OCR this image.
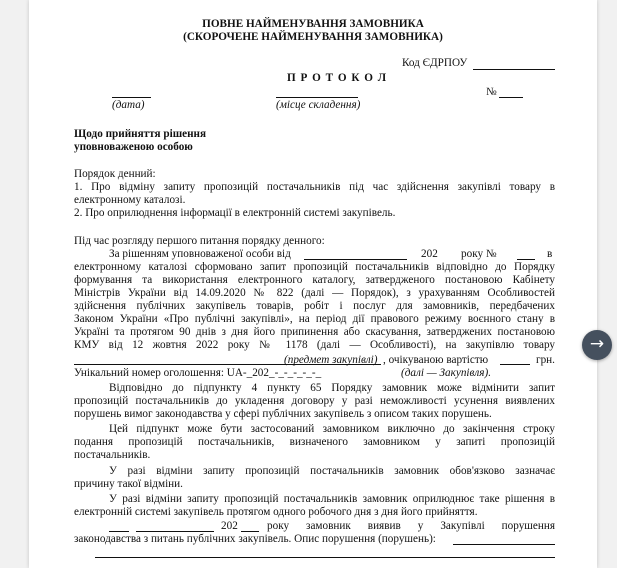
ПОВНЕ НАЙМЕНУВАННЯ ЗАМОВНИКА
(СКОРОЧЕНЕ НАЙМЕНУВАННЯ ЗАМОВНИКА)
Код ЄДРПОУ
П Р О Т О К О Л
№
(дата)	(місце складення)
Щодо прийняття рішення
уповноваженою особою
Порядок денний:
1. Про відміну запиту пропозицій постачальників під час здійснення закупівлі товару в
електронному каталозі.
2. Про оприлюднення інформації в електронній системі закупівель.
Під час розгляду першого питання порядку денного:
За рішенням уповноваженої особи від	202 року №	в
електронному каталозі сформовано запит пропозицій постачальників відповідно до Порядку
формування та використання електронного каталогу, затвердженого постановою Кабінету
Міністрів України від 14.09.2020 № 822 (далі — Порядок), з урахуванням Особливостей
здійснення публічних закупівель товарів, робіт і послуг для замовників, передбачених
Законом України «Про публічні закупівлі», на період дії правового режиму воєнного стану в
Україні та протягом 90 днів з дня його припинення або скасування, затверджених постановою
КМУ від 12 жовтня 2022 року № 1178 (далі — Особливості), на закупівлю товару
(предмет закупівлі) , очікуваною вартістю	грн.
Унікальний номер оголошення: UA-_202_-_-_-_-_-_	(далі — Закупівля).
Відповідно до підпункту 4 пункту 65 Порядку замовник може відмінити запит
пропозицій постачальників до укладення договору у разі неможливості усунення виявлених
порушень вимог законодавства у сфері публічних закупівель з описом таких порушень.
Цей підпункт може бути застосований замовником виключно до закінчення строку
подання пропозицій постачальників, визначеного замовником у запиті пропозицій
постачальників.
У разі відміни запиту пропозицій постачальників замовник обов'язково зазначає
причину такої відміни.
У разі відміни запиту пропозицій постачальників замовник оприлюднює таке рішення в
електронній системі закупівель протягом одного робочого дня з дня його прийняття.
202	року замовник виявив у Закупівлі порушення
законодавства з питань публічних закупівель. Опис порушення (порушень):
→
